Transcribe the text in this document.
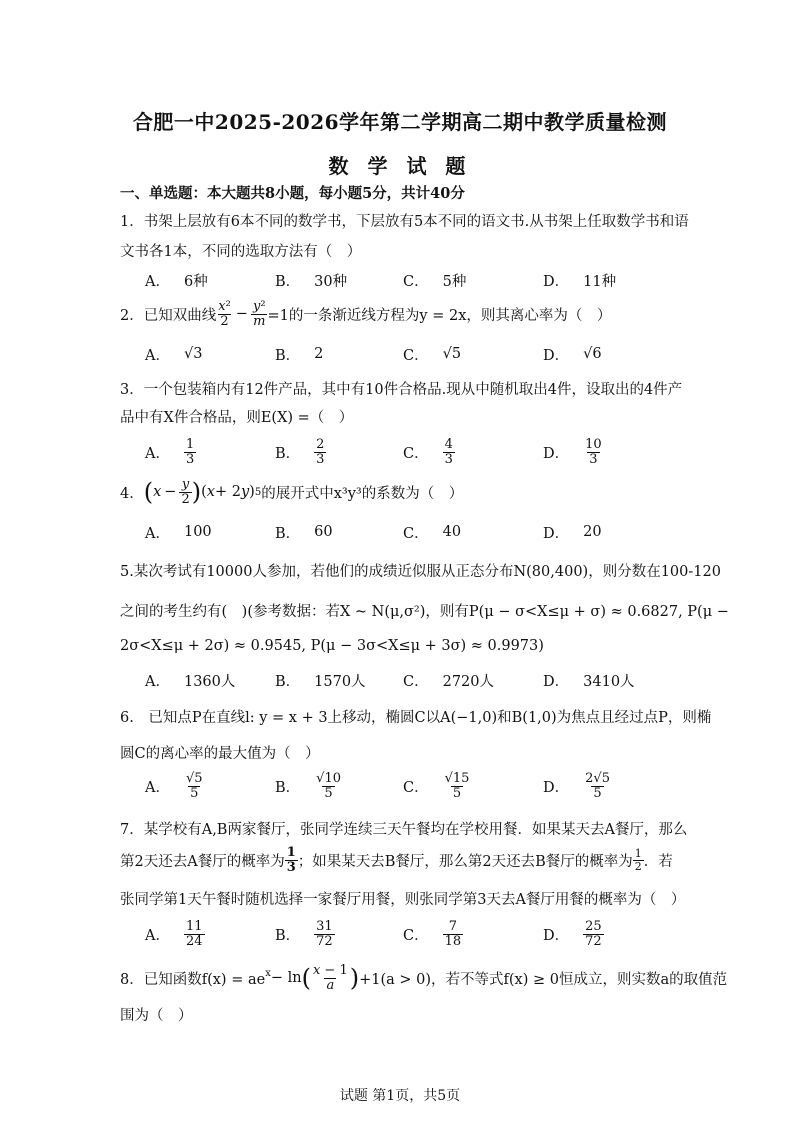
合肥一中2025-2026学年第二学期高二期中教学质量检测
数 学 试 题
一、单选题：本大题共8小题，每小题5分，共计40分
1．书架上层放有6本不同的数学书，下层放有5本不同的语文书.从书架上任取数学书和语
文书各1本，不同的选取方法有（　）
A． 6种	B． 30种	C． 5种	D． 11种
2．已知双曲线 $\frac{\text{x²}}{2} - \frac{\text{y²}}{m} =1$的一条渐近线方程为y = 2x，则其离心率为（　）
A． √3	B． 2	C． √5	D． √6
3．一个包装箱内有12件产品，其中有10件合格品.现从中随机取出4件，设取出的4件产
品中有X件合格品，则E(X) =（　）
A． $\frac{1}{3}$	B． $\frac{2}{3}$	C． $\frac{4}{3}$	D． $\frac{10}{3}$
4． ( $x - \frac{y}{2}$ ) ( x + 2 y ) 5 的展开式中x³y³的系数为（　）
A． 100	B． 60	C． 40	D． 20
5.某次考试有10000人参加，若他们的成绩近似服从正态分布N(80,400)，则分数在100-120
之间的考生约有(　)(参考数据：若X ~ N(μ,σ²)，则有P(μ − σ<X≤μ + σ) ≈ 0.6827, P(μ −
2σ<X≤μ + 2σ) ≈ 0.9545, P(μ − 3σ<X≤μ + 3σ) ≈ 0.9973)
A． 1360人	B． 1570人	C． 2720人	D． 3410人
6.　已知点P在直线l: y = x + 3上移动，椭圆C以A(−1,0)和B(1,0)为焦点且经过点P，则椭
圆C的离心率的最大值为（　）
A． $\frac{√5}{5}$	B． $\frac{√10}{5}$	C． $\frac{√15}{5}$	D． $\frac{2√5}{5}$
7．某学校有A,B两家餐厅，张同学连续三天午餐均在学校用餐．如果某天去A餐厅，那么
第2天还去A餐厅的概率为 $\frac{1}{3}$ ；如果某天去B餐厅，那么第2天还去B餐厅的概率为 $\frac{1}{2}$ ．若
张同学第1天午餐时随机选择一家餐厅用餐，则张同学第3天去A餐厅用餐的概率为（　）
A． $\frac{11}{24}$	B． $\frac{31}{72}$	C． $\frac{7}{18}$	D． $\frac{25}{72}$
8．已知函数$f(x) = ae^x - \ln$ ( $\frac{x - 1}{a}$ ) +1(a > 0)，若不等式f(x) ≥ 0恒成立，则实数a的取值范
围为（　）
试题 第1页，共5页
